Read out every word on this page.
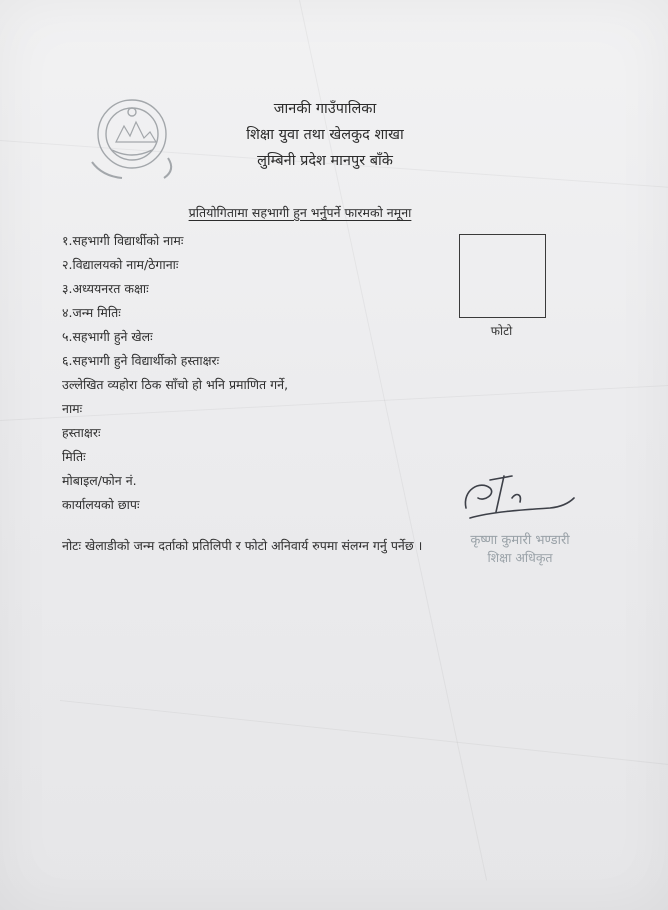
जानकी गाउँपालिका
शिक्षा युवा तथा खेलकुद शाखा
लुम्बिनी प्रदेश मानपुर बाँके
प्रतियोगितामा सहभागी हुन भर्नुपर्ने फारमको नमूना
१.सहभागी विद्यार्थीको नामः
२.विद्यालयको नाम/ठेगानाः
३.अध्ययनरत कक्षाः
४.जन्म मितिः
५.सहभागी हुने खेलः
६.सहभागी हुने विद्यार्थीको हस्ताक्षरः
उल्लेखित व्यहोरा ठिक साँचो हो भनि प्रमाणित गर्ने,
नामः
हस्ताक्षरः
मितिः
मोबाइल/फोन नं.
कार्यालयको छापः
फोटो
कृष्णा कुमारी भण्डारी
शिक्षा अधिकृत
नोटः खेलाडीको जन्म दर्ताको प्रतिलिपी र फोटो अनिवार्य रुपमा संलग्न गर्नु पर्नेछ ।
